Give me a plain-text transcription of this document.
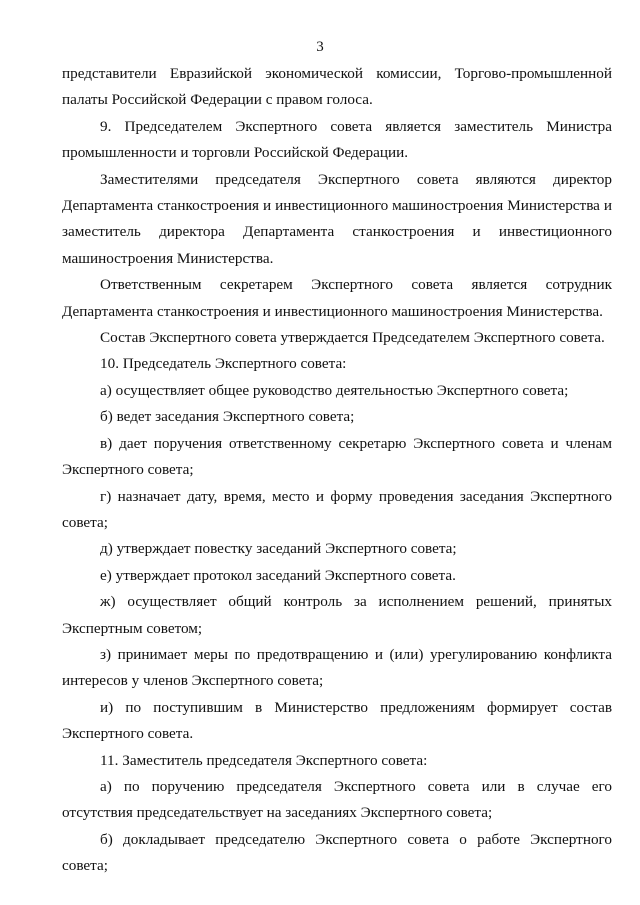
3

представители Евразийской экономической комиссии, Торгово-промышленной палаты Российской Федерации с правом голоса.

9. Председателем Экспертного совета является заместитель Министра промышленности и торговли Российской Федерации.

Заместителями председателя Экспертного совета являются директор Департамента станкостроения и инвестиционного машиностроения Министерства и заместитель директора Департамента станкостроения и инвестиционного машиностроения Министерства.

Ответственным секретарем Экспертного совета является сотрудник Департамента станкостроения и инвестиционного машиностроения Министерства.

Состав Экспертного совета утверждается Председателем Экспертного совета.

10. Председатель Экспертного совета:

а) осуществляет общее руководство деятельностью Экспертного совета;

б) ведет заседания Экспертного совета;

в) дает поручения ответственному секретарю Экспертного совета и членам Экспертного совета;

г) назначает дату, время, место и форму проведения заседания Экспертного совета;

д) утверждает повестку заседаний Экспертного совета;

е) утверждает протокол заседаний Экспертного совета.

ж) осуществляет общий контроль за исполнением решений, принятых Экспертным советом;

з) принимает меры по предотвращению и (или) урегулированию конфликта интересов у членов Экспертного совета;

и) по поступившим в Министерство предложениям формирует состав Экспертного совета.

11. Заместитель председателя Экспертного совета:

а) по поручению председателя Экспертного совета или в случае его отсутствия председательствует на заседаниях Экспертного совета;

б) докладывает председателю Экспертного совета о работе Экспертного совета;
